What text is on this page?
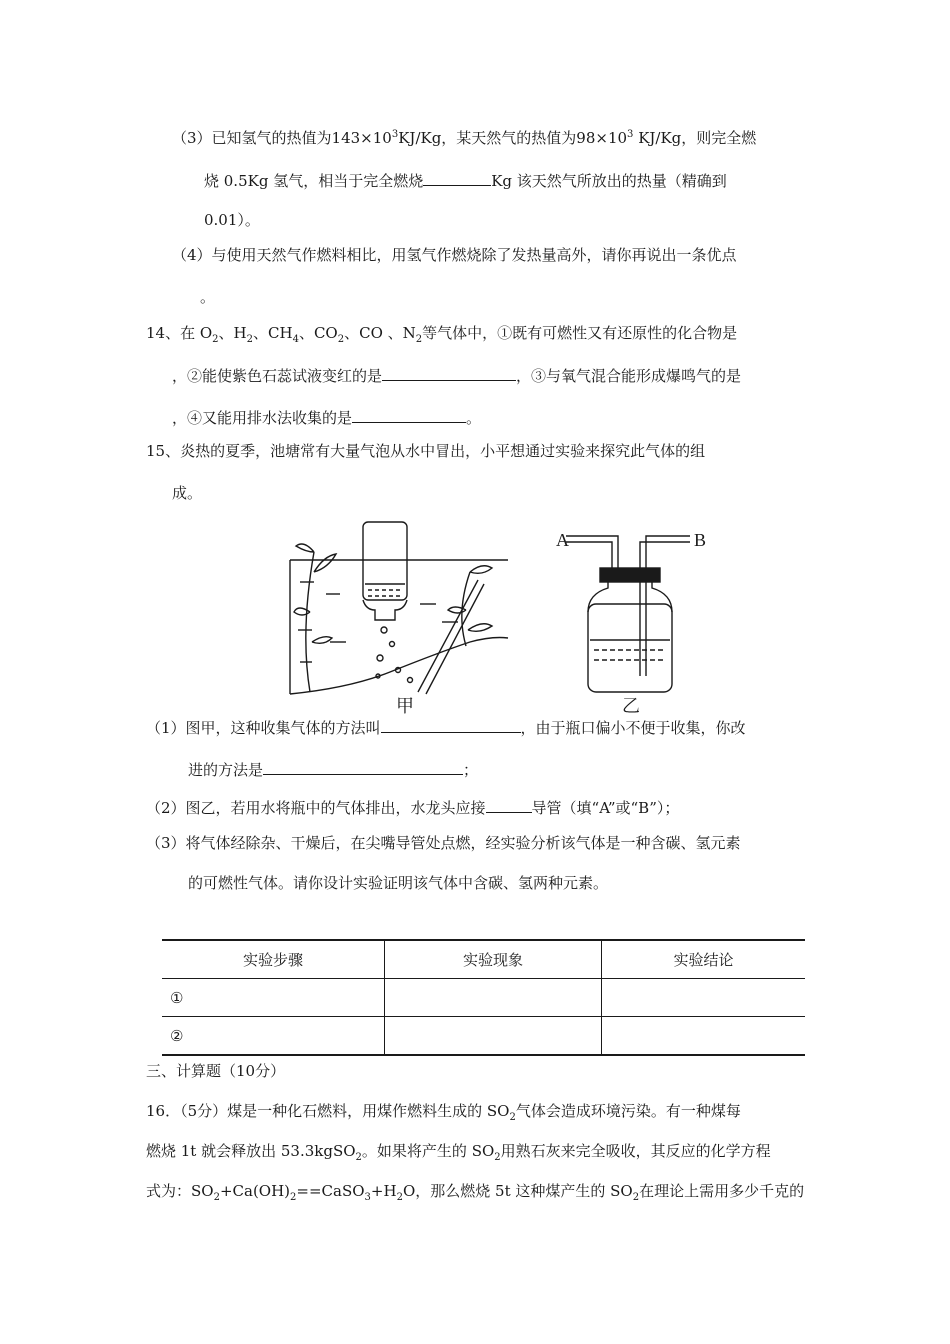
（3）已知氢气的热值为$143\times 10^3KJ/Kg$，某天然气的热值为$98\times 10^3$ KJ/Kg，则完全燃
烧 0.5Kg 氢气，相当于完全燃烧	Kg 该天然气所放出的热量（精确到
0.01）。
（4）与使用天然气作燃料相比，用氢气作燃烧除了发热量高外，请你再说出一条优点
。
14、在 $O_2$、$H_2$、$CH_4$、$CO_2$、CO 、$N_2$等气体中，①既有可燃性又有还原性的化合物是
，②能使紫色石蕊试液变红的是	，③与氧气混合能形成爆鸣气的是
，④又能用排水法收集的是	。
15、炎热的夏季，池塘常有大量气泡从水中冒出，小平想通过实验来探究此气体的组
成。
A	B
甲	乙
（1）图甲，这种收集气体的方法叫	，由于瓶口偏小不便于收集，你改
进的方法是	；
（2）图乙，若用水将瓶中的气体排出，水龙头应接	导管（填“A”或“B”）；
（3）将气体经除杂、干燥后，在尖嘴导管处点燃，经实验分析该气体是一种含碳、氢元素
的可燃性气体。请你设计实验证明该气体中含碳、氢两种元素。
实验步骤	实验现象	实验结论
①		
②		
三、计算题（10分）
16．（5分）煤是一种化石燃料，用煤作燃料生成的 $SO_2$气体会造成环境污染。有一种煤每
燃烧 1t 就会释放出 53.3kgSO$_2$。如果将产生的 $SO_2$用熟石灰来完全吸收，其反应的化学方程
式为：$SO_2+Ca(OH)_2==CaSO_3+H_2O$，那么燃烧 5t 这种煤产生的 $SO_2$在理论上需用多少千克的
